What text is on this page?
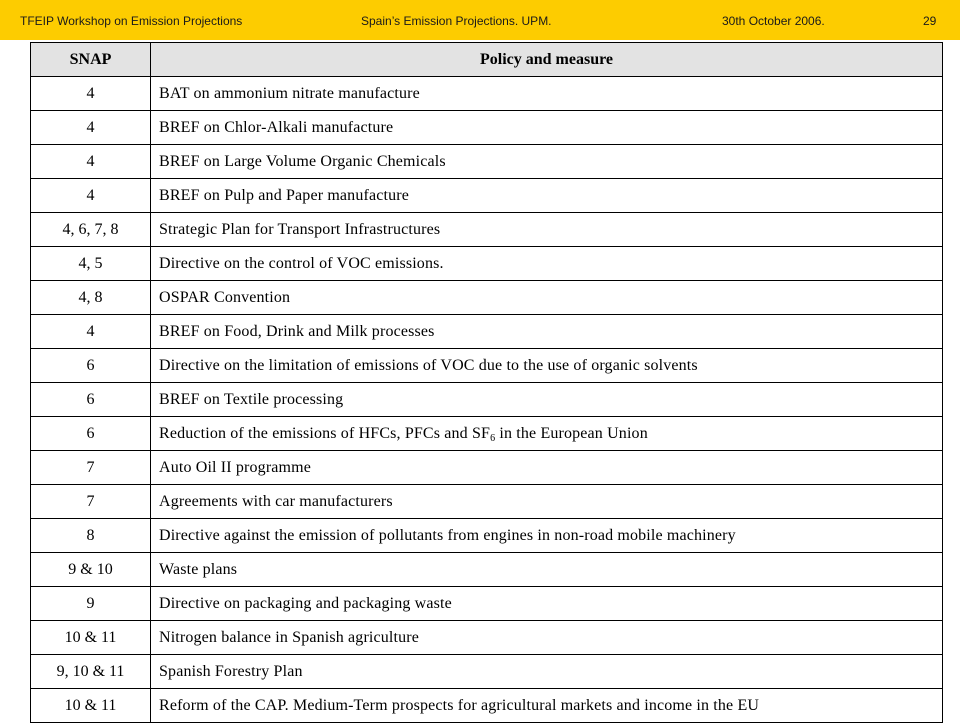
TFEIP Workshop on Emission Projections	Spain’s Emission Projections. UPM.	30th October 2006.	29
SNAP	Policy and measure
4	BAT on ammonium nitrate manufacture
4	BREF on Chlor-Alkali manufacture
4	BREF on Large Volume Organic Chemicals
4	BREF on Pulp and Paper manufacture
4, 6, 7, 8	Strategic Plan for Transport Infrastructures
4, 5	Directive on the control of VOC emissions.
4, 8	OSPAR Convention
4	BREF on Food, Drink and Milk processes
6	Directive on the limitation of emissions of VOC due to the use of organic solvents
6	BREF on Textile processing
6	Reduction of the emissions of HFCs, PFCs and $SF_6$ in the European Union
7	Auto Oil II programme
7	Agreements with car manufacturers
8	Directive against the emission of pollutants from engines in non-road mobile machinery
9 & 10	Waste plans
9	Directive on packaging and packaging waste
10 & 11	Nitrogen balance in Spanish agriculture
9, 10 & 11	Spanish Forestry Plan
10 & 11	Reform of the CAP. Medium-Term prospects for agricultural markets and income in the EU
